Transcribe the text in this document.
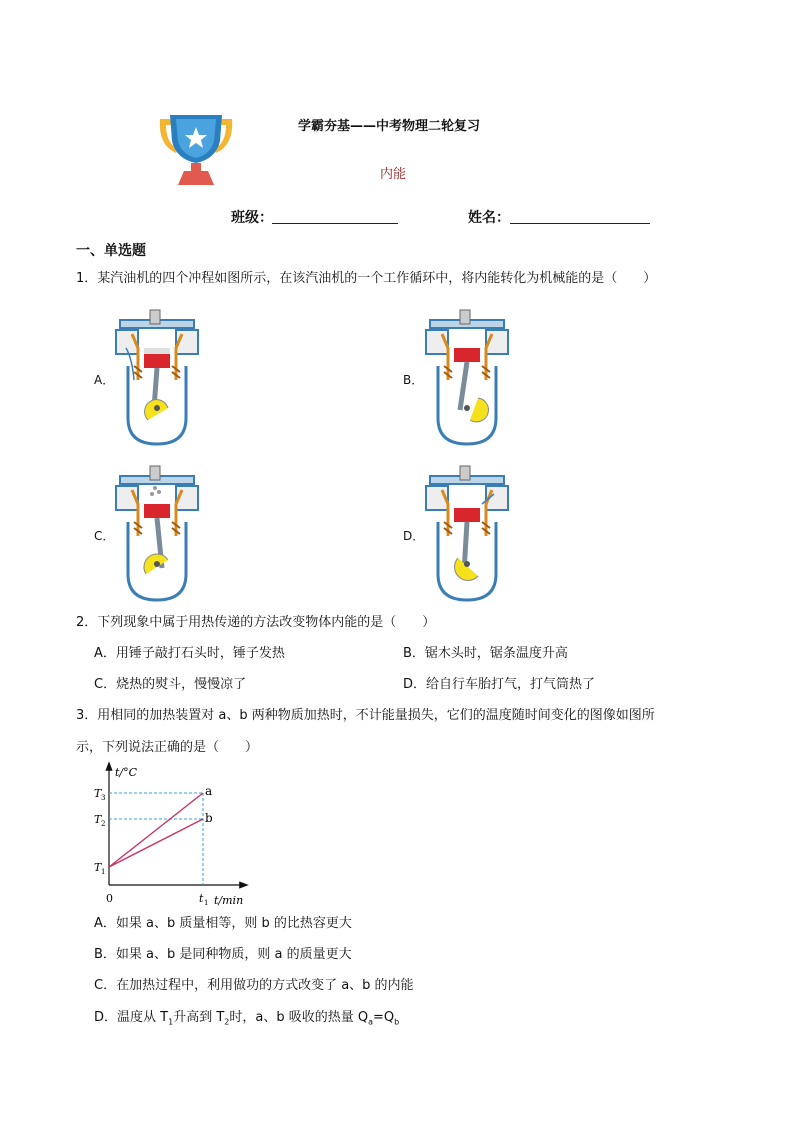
学霸夯基——中考物理二轮复习
内能
班级：	姓名：
一、单选题
1．某汽油机的四个冲程如图所示，在该汽油机的一个工作循环中，将内能转化为机械能的是（　　）
A．	B．
C．	D．
2．下列现象中属于用热传递的方法改变物体内能的是（　　）
A．用锤子敲打石头时，锤子发热	B．锯木头时，锯条温度升高
C．烧热的熨斗，慢慢凉了	D．给自行车胎打气，打气筒热了
3．用相同的加热装置对 a、b 两种物质加热时，不计能量损失，它们的温度随时间变化的图像如图所
示，下列说法正确的是（　　）
t/°C
t/min
0
T 3
T 2
T 1
t 1
a
b
A．如果 a、b 质量相等，则 b 的比热容更大
B．如果 a、b 是同种物质，则 a 的质量更大
C．在加热过程中，利用做功的方式改变了 a、b 的内能
D．温度从 $T_1$升高到 $T_2$时，a、b 吸收的热量 $Q_a=Q_b$
